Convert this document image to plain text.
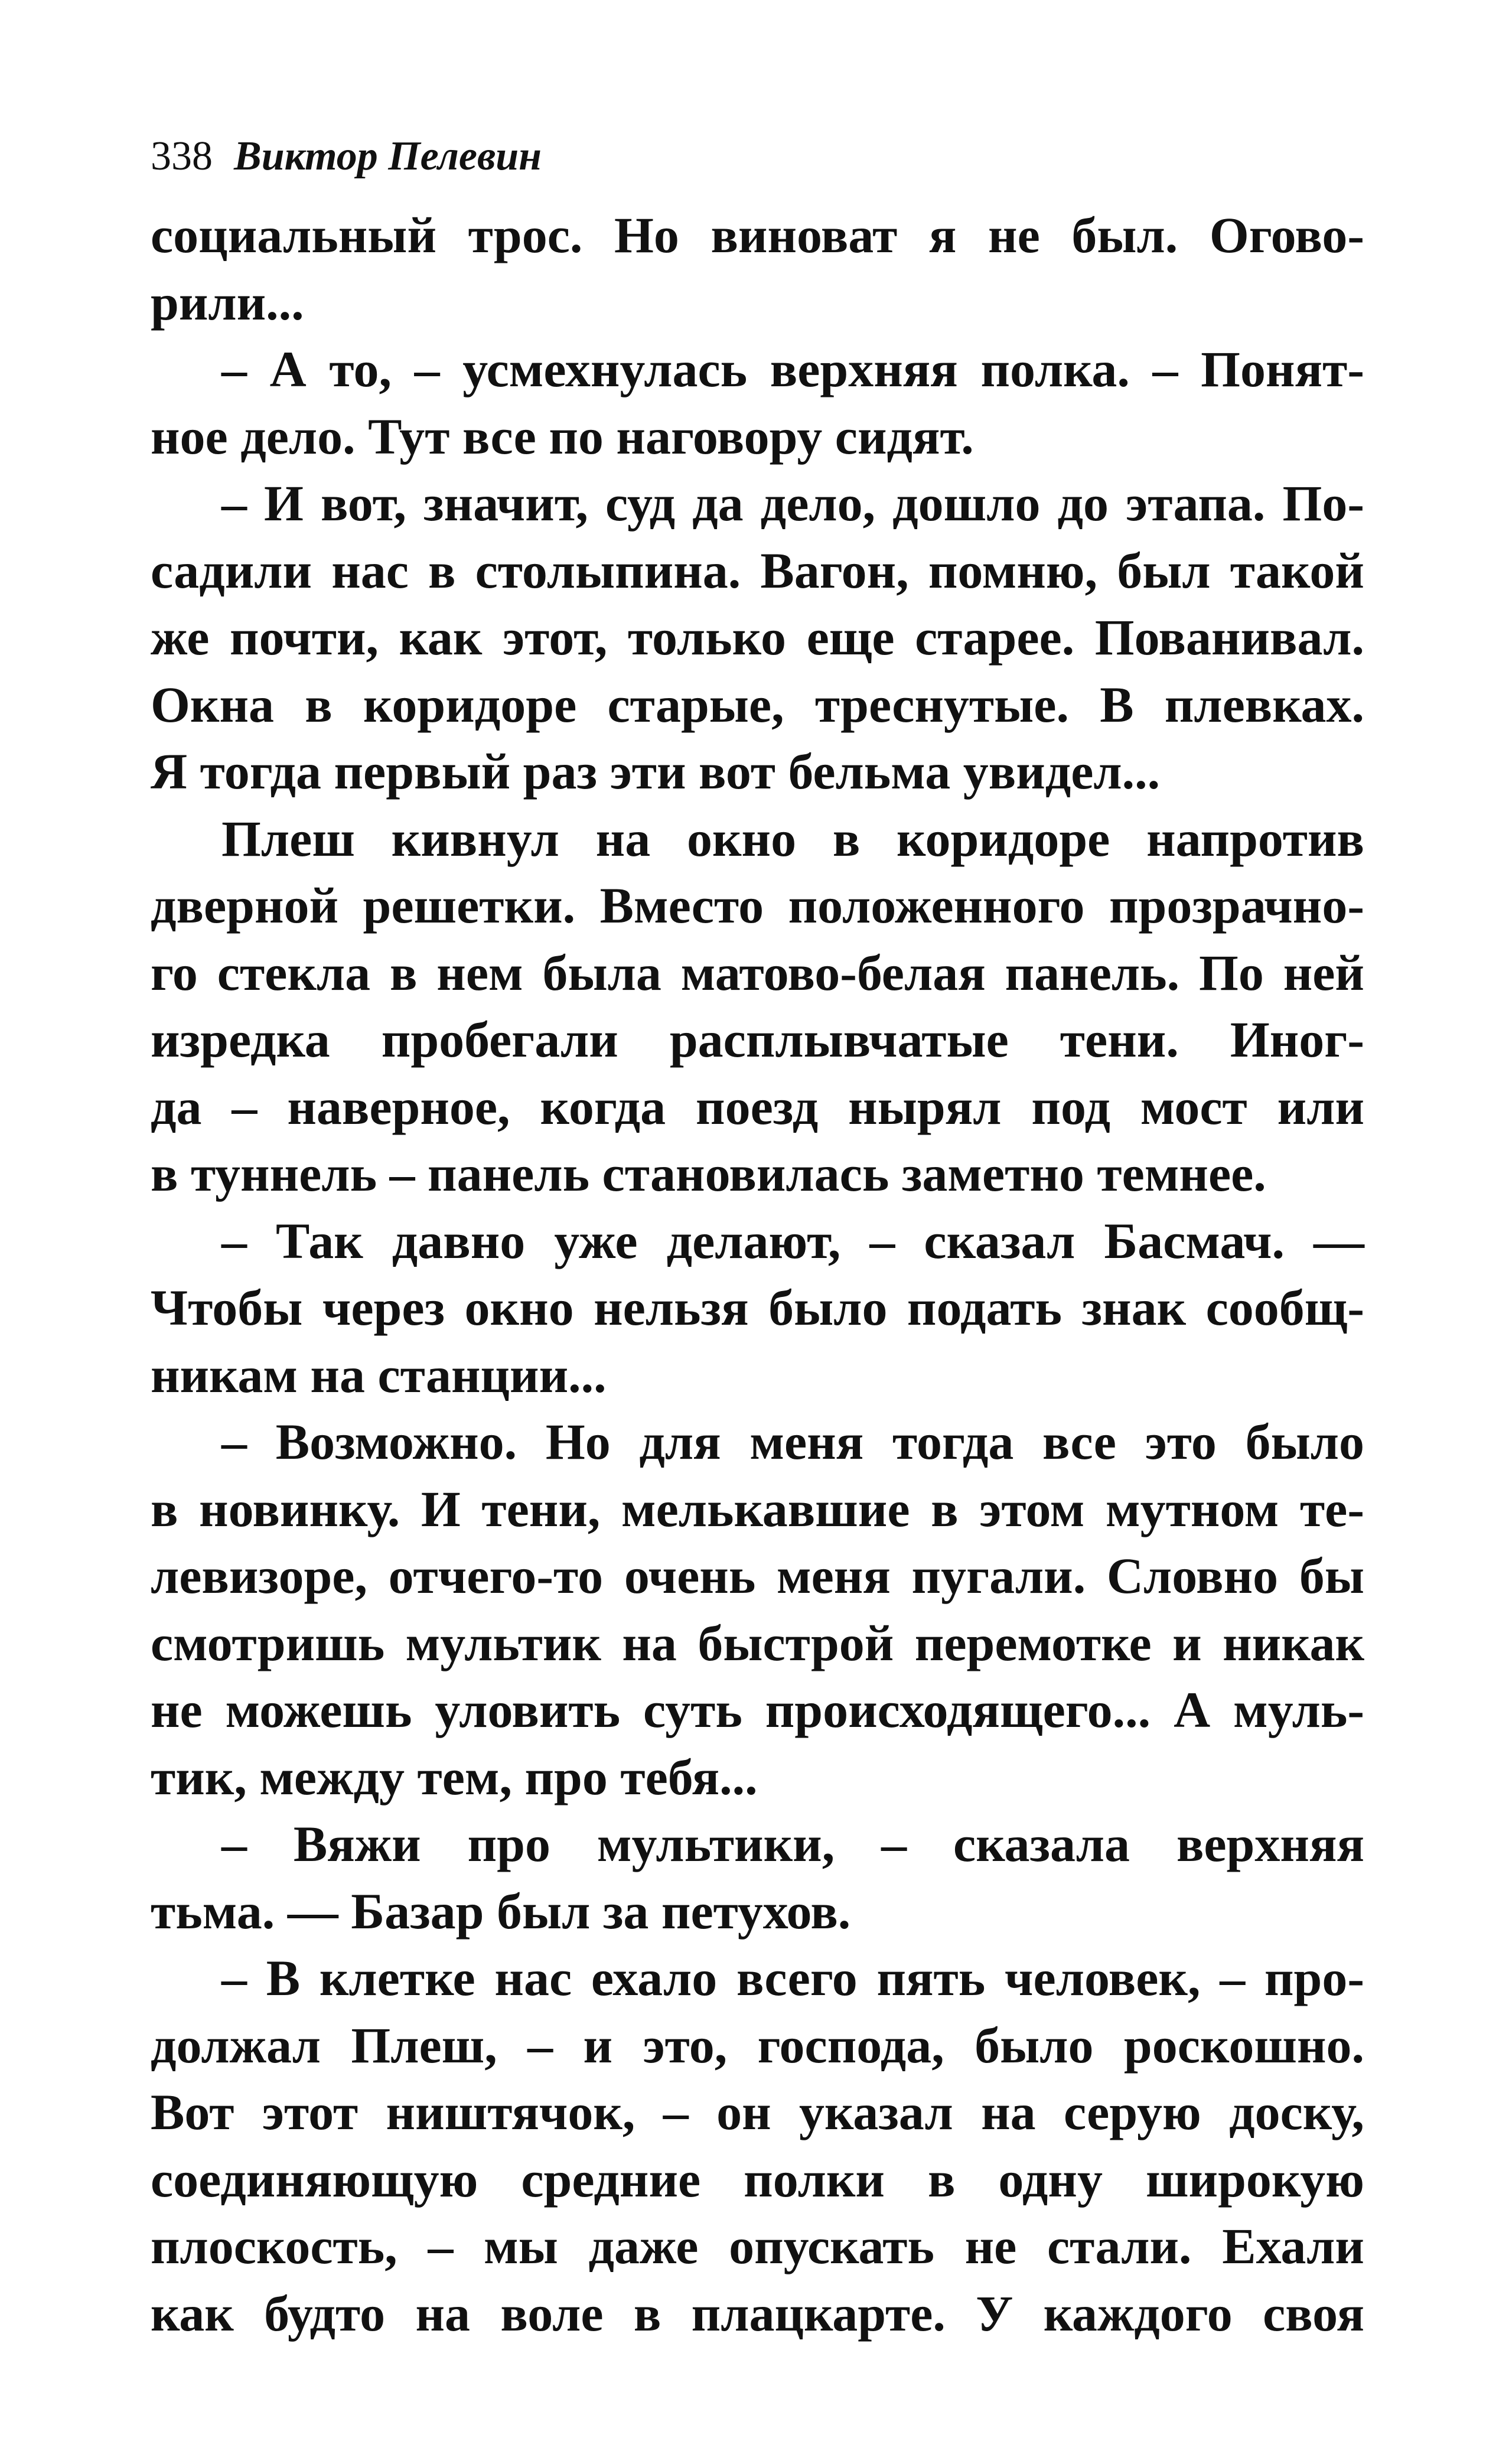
338 Виктор Пелевин
социальный трос. Но виноват я не был. Огово-
рили...
– А то, – усмехнулась верхняя полка. – Понят-
ное дело. Тут все по наговору сидят.
– И вот, значит, суд да дело, дошло до этапа. По-
садили нас в столыпина. Вагон, помню, был такой
же почти, как этот, только еще старее. Пованивал.
Окна в коридоре старые, треснутые. В плевках.
Я тогда первый раз эти вот бельма увидел...
Плеш кивнул на окно в коридоре напротив
дверной решетки. Вместо положенного прозрачно-
го стекла в нем была матово-белая панель. По ней
изредка пробегали расплывчатые тени. Иног-
да – наверное, когда поезд нырял под мост или
в туннель – панель становилась заметно темнее.
– Так давно уже делают, – сказал Басмач. —
Чтобы через окно нельзя было подать знак сообщ-
никам на станции...
– Возможно. Но для меня тогда все это было
в новинку. И тени, мелькавшие в этом мутном те-
левизоре, отчего-то очень меня пугали. Словно бы
смотришь мультик на быстрой перемотке и никак
не можешь уловить суть происходящего... А муль-
тик, между тем, про тебя...
– Вяжи про мультики, – сказала верхняя
тьма. — Базар был за петухов.
– В клетке нас ехало всего пять человек, – про-
должал Плеш, – и это, господа, было роскошно.
Вот этот ништячок, – он указал на серую доску,
соединяющую средние полки в одну широкую
плоскость, – мы даже опускать не стали. Ехали
как будто на воле в плацкарте. У каждого своя
